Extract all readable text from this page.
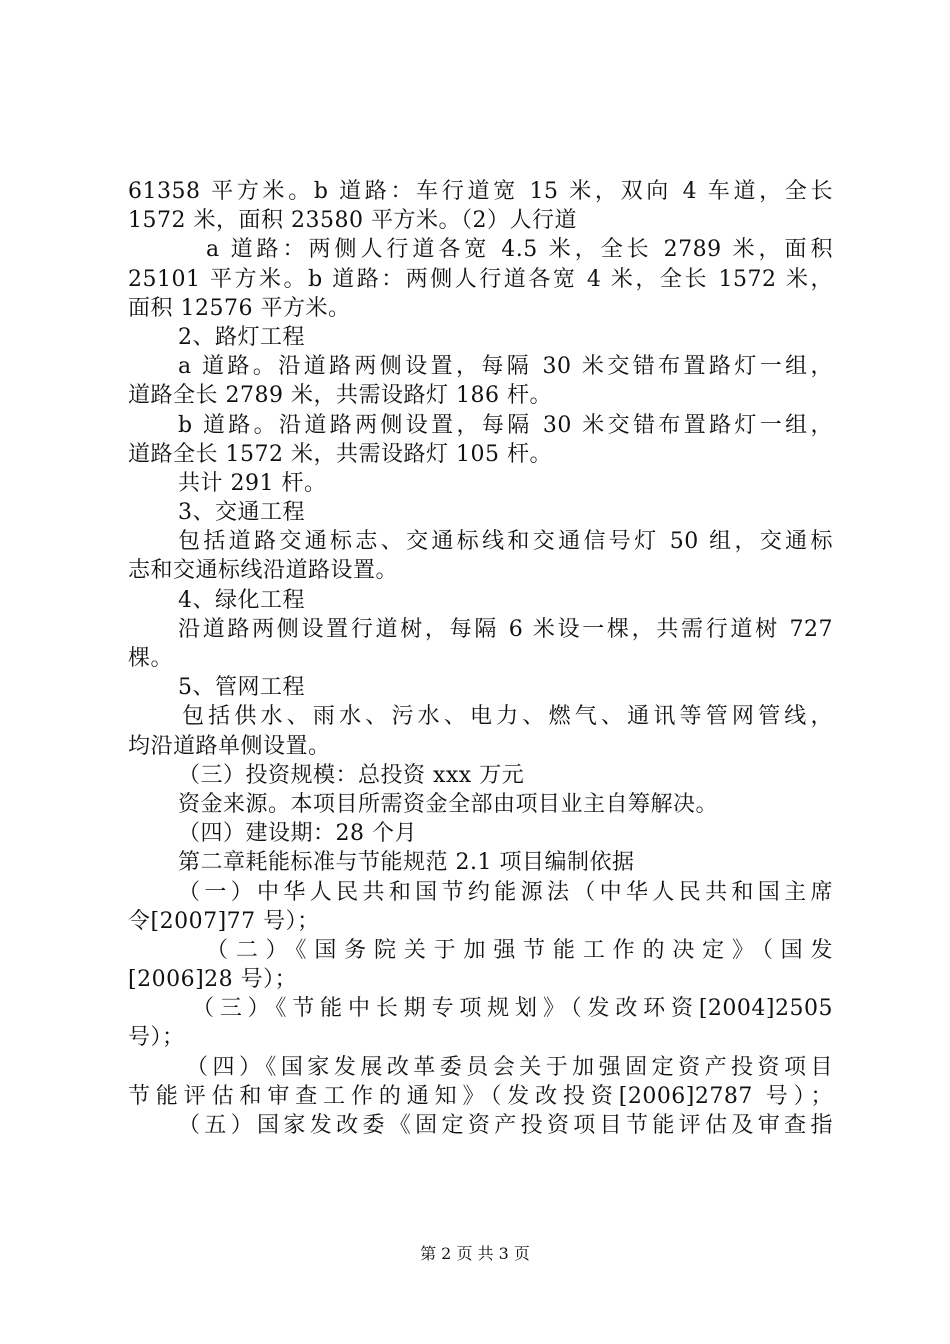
61358 平方米。b 道路：车行道宽 15 米，双向 4 车道，全长
1572 米，面积 23580 平方米。（2）人行道
a 道路：两侧人行道各宽 4.5 米，全长 2789 米，面积
25101 平方米。b 道路：两侧人行道各宽 4 米，全长 1572 米，
面积 12576 平方米。
2、路灯工程
a 道路。沿道路两侧设置，每隔 30 米交错布置路灯一组，
道路全长 2789 米，共需设路灯 186 杆。
b 道路。沿道路两侧设置，每隔 30 米交错布置路灯一组，
道路全长 1572 米，共需设路灯 105 杆。
共计 291 杆。
3、交通工程
包括道路交通标志、交通标线和交通信号灯 50 组，交通标
志和交通标线沿道路设置。
4、绿化工程
沿道路两侧设置行道树，每隔 6 米设一棵，共需行道树 727
棵。
5、管网工程
包括供水、雨水、污水、电力、燃气、通讯等管网管线，
均沿道路单侧设置。
（三）投资规模：总投资 xxx 万元
资金来源。本项目所需资金全部由项目业主自筹解决。
（四）建设期：28 个月
第二章耗能标准与节能规范 2.1 项目编制依据
（一）中华人民共和国节约能源法（中华人民共和国主席
令[2007]77 号）；
（二）《国务院关于加强节能工作的决定》（国发
[2006]28 号）；
（三）《节能中长期专项规划》（发改环资[2004]2505
号）；
（四）《国家发展改革委员会关于加强固定资产投资项目
节能评估和审查工作的通知》（发改投资[2006]2787 号）；
（五）国家发改委《固定资产投资项目节能评估及审查指
第 2 页 共 3 页
